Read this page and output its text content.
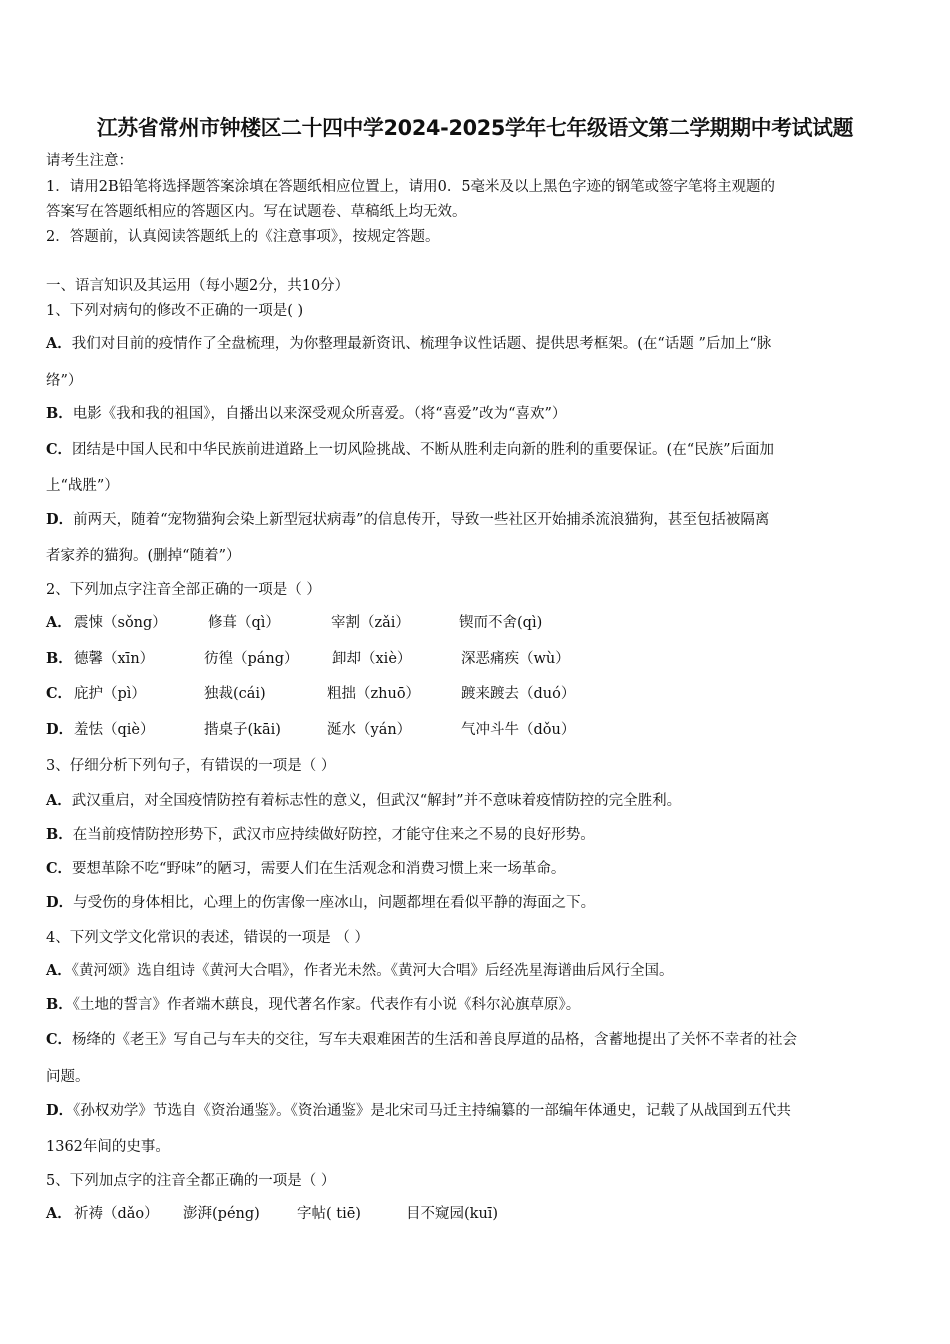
江苏省常州市钟楼区二十四中学2024-2025学年七年级语文第二学期期中考试试题
请考生注意：
1．请用2B铅笔将选择题答案涂填在答题纸相应位置上，请用0．5毫米及以上黑色字迹的钢笔或签字笔将主观题的
答案写在答题纸相应的答题区内。写在试题卷、草稿纸上均无效。
2．答题前，认真阅读答题纸上的《注意事项》，按规定答题。
一、语言知识及其运用（每小题2分，共10分）
1、下列对病句的修改不正确的一项是( )
A．我们对目前的疫情作了全盘梳理，为你整理最新资讯、梳理争议性话题、提供思考框架。(在“话题 ”后加上“脉
络”）
B．电影《我和我的祖国》，自播出以来深受观众所喜爱。（将“喜爱”改为“喜欢”）
C．团结是中国人民和中华民族前进道路上一切风险挑战、不断从胜利走向新的胜利的重要保证。(在“民族”后面加
上“战胜”）
D．前两天，随着“宠物猫狗会染上新型冠状病毒”的信息传开，导致一些社区开始捕杀流浪猫狗，甚至包括被隔离
者家养的猫狗。(删掉“随着”）
2、下列加点字注音全部正确的一项是（ ）
A． 震悚（sǒng）	修葺（qì）	宰割（zǎi）	锲而不舍(qì)
B． 德馨（xīn）	彷徨（páng） 卸却（xiè）	深恶痛疾（wù）
C． 庇护（pì）	独裁(cái)	粗拙（zhuō）	踱来踱去（duó）
D． 羞怯（qiè）	揩桌子(kāi)	涎水（yán）	气冲斗牛（dǒu）
3、仔细分析下列句子，有错误的一项是（ ）
A．武汉重启，对全国疫情防控有着标志性的意义，但武汉“解封”并不意味着疫情防控的完全胜利。
B．在当前疫情防控形势下，武汉市应持续做好防控，才能守住来之不易的良好形势。
C．要想革除不吃“野味”的陋习，需要人们在生活观念和消费习惯上来一场革命。
D．与受伤的身体相比，心理上的伤害像一座冰山，问题都埋在看似平静的海面之下。
4、下列文学文化常识的表述，错误的一项是 （ ）
A．《黄河颂》选自组诗《黄河大合唱》，作者光未然。《黄河大合唱》后经冼星海谱曲后风行全国。
B．《土地的誓言》作者端木蕻良，现代著名作家。代表作有小说《科尔沁旗草原》。
C．杨绛的《老王》写自己与车夫的交往，写车夫艰难困苦的生活和善良厚道的品格，含蓄地提出了关怀不幸者的社会
问题。
D．《孙权劝学》节选自《资治通鉴》。《资治通鉴》是北宋司马迁主持编纂的一部编年体通史，记载了从战国到五代共
1362年间的史事。
5、下列加点字的注音全都正确的一项是（ ）
A． 祈祷（dǎo） 澎湃(péng)	字帖( tiē)	目不窥园(kuī)
